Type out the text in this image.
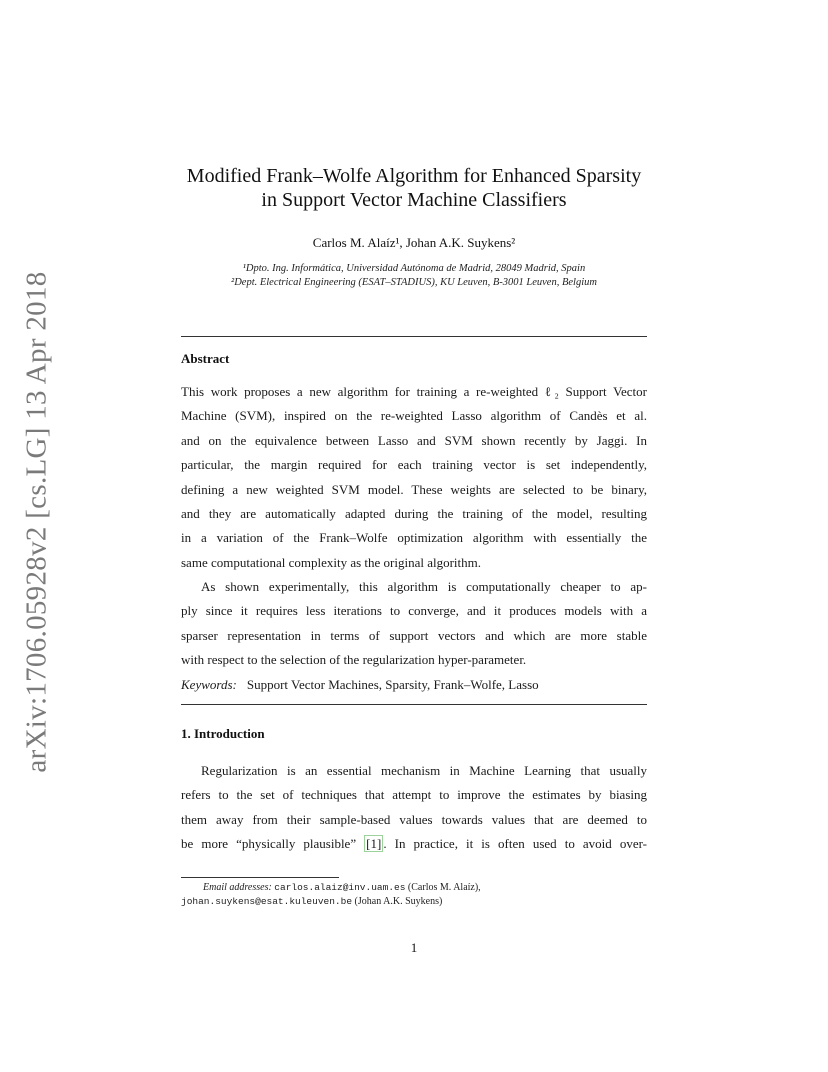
arXiv:1706.05928v2 [cs.LG] 13 Apr 2018
Modified Frank–Wolfe Algorithm for Enhanced Sparsity
in Support Vector Machine Classifiers
Carlos M. Alaíz¹, Johan A.K. Suykens²
¹Dpto. Ing. Informática, Universidad Autónoma de Madrid, 28049 Madrid, Spain
²Dept. Electrical Engineering (ESAT–STADIUS), KU Leuven, B-3001 Leuven, Belgium
Abstract
This work proposes a new algorithm for training a re-weighted ℓ₂ Support Vector
Machine (SVM), inspired on the re-weighted Lasso algorithm of Candès et al.
and on the equivalence between Lasso and SVM shown recently by Jaggi. In
particular, the margin required for each training vector is set independently,
defining a new weighted SVM model. These weights are selected to be binary,
and they are automatically adapted during the training of the model, resulting
in a variation of the Frank–Wolfe optimization algorithm with essentially the
same computational complexity as the original algorithm.
As shown experimentally, this algorithm is computationally cheaper to ap-
ply since it requires less iterations to converge, and it produces models with a
sparser representation in terms of support vectors and which are more stable
with respect to the selection of the regularization hyper-parameter.
Keywords: Support Vector Machines, Sparsity, Frank–Wolfe, Lasso
1. Introduction
Regularization is an essential mechanism in Machine Learning that usually
refers to the set of techniques that attempt to improve the estimates by biasing
them away from their sample-based values towards values that are deemed to
be more “physically plausible” [1] . In practice, it is often used to avoid over-
Email addresses: carlos.alaiz@inv.uam.es (Carlos M. Alaíz),
johan.suykens@esat.kuleuven.be (Johan A.K. Suykens)
1
